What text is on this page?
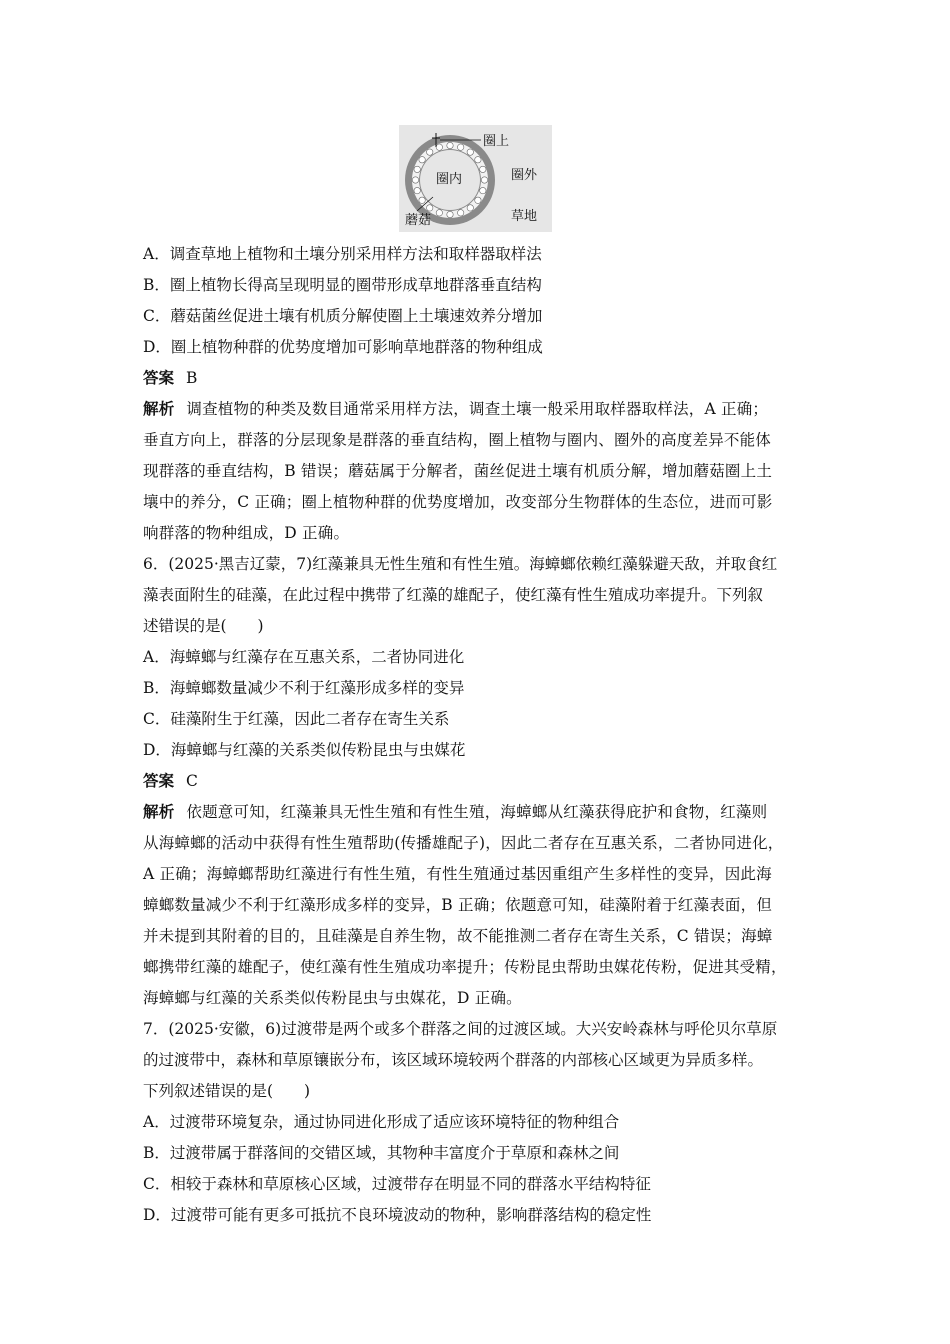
圈上
圈内	圈外
蘑菇	草地
A．调查草地上植物和土壤分别采用样方法和取样器取样法
B．圈上植物长得高呈现明显的圈带形成草地群落垂直结构
C．蘑菇菌丝促进土壤有机质分解使圈上土壤速效养分增加
D．圈上植物种群的优势度增加可影响草地群落的物种组成
答案 B
解析 调查植物的种类及数目通常采用样方法，调查土壤一般采用取样器取样法，A 正确；
垂直方向上，群落的分层现象是群落的垂直结构，圈上植物与圈内、圈外的高度差异不能体
现群落的垂直结构，B 错误；蘑菇属于分解者，菌丝促进土壤有机质分解，增加蘑菇圈上土
壤中的养分，C 正确；圈上植物种群的优势度增加，改变部分生物群体的生态位，进而可影
响群落的物种组成，D 正确。
6．(2025·黑吉辽蒙，7)红藻兼具无性生殖和有性生殖。海蟑螂依赖红藻躲避天敌，并取食红
藻表面附生的硅藻，在此过程中携带了红藻的雄配子，使红藻有性生殖成功率提升。下列叙
述错误的是(　　)
A．海蟑螂与红藻存在互惠关系，二者协同进化
B．海蟑螂数量减少不利于红藻形成多样的变异
C．硅藻附生于红藻，因此二者存在寄生关系
D．海蟑螂与红藻的关系类似传粉昆虫与虫媒花
答案 C
解析 依题意可知，红藻兼具无性生殖和有性生殖，海蟑螂从红藻获得庇护和食物，红藻则
从海蟑螂的活动中获得有性生殖帮助(传播雄配子)，因此二者存在互惠关系，二者协同进化，
A 正确；海蟑螂帮助红藻进行有性生殖，有性生殖通过基因重组产生多样性的变异，因此海
蟑螂数量减少不利于红藻形成多样的变异，B 正确；依题意可知，硅藻附着于红藻表面，但
并未提到其附着的目的，且硅藻是自养生物，故不能推测二者存在寄生关系，C 错误；海蟑
螂携带红藻的雄配子，使红藻有性生殖成功率提升；传粉昆虫帮助虫媒花传粉，促进其受精，
海蟑螂与红藻的关系类似传粉昆虫与虫媒花，D 正确。
7．(2025·安徽，6)过渡带是两个或多个群落之间的过渡区域。大兴安岭森林与呼伦贝尔草原
的过渡带中，森林和草原镶嵌分布，该区域环境较两个群落的内部核心区域更为异质多样。
下列叙述错误的是(　　)
A．过渡带环境复杂，通过协同进化形成了适应该环境特征的物种组合
B．过渡带属于群落间的交错区域，其物种丰富度介于草原和森林之间
C．相较于森林和草原核心区域，过渡带存在明显不同的群落水平结构特征
D．过渡带可能有更多可抵抗不良环境波动的物种，影响群落结构的稳定性
